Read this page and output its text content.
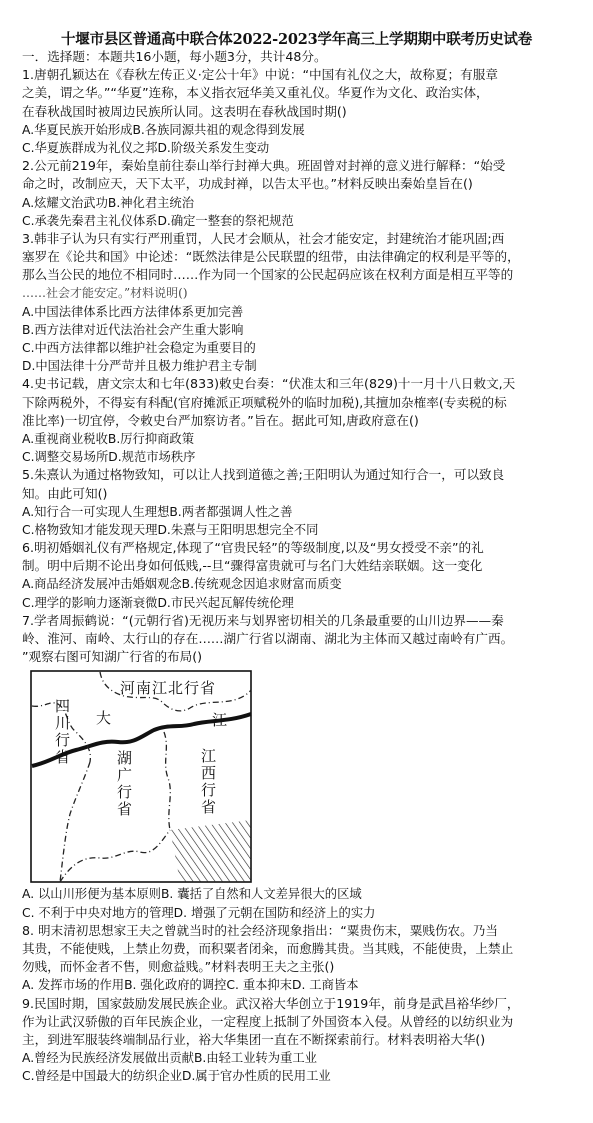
十堰市县区普通高中联合体2022-2023学年高三上学期期中联考历史试卷
一．选择题：本题共16小题，每小题3分，共计48分。
1.唐朝孔颖达在《春秋左传正义·定公十年》中说：“中国有礼仪之大，故称夏；有服章
之美，谓之华。”“华夏”连称，本义指衣冠华美又重礼仪。华夏作为文化、政治实体，
在春秋战国时被周边民族所认同。这表明在春秋战国时期()
A.华夏民族开始形成B.各族同源共祖的观念得到发展
C.华夏族群成为礼仪之邦D.阶级关系发生变动
2.公元前219年，秦始皇前往泰山举行封禅大典。班固曾对封禅的意义进行解释：“始受
命之时，改制应天，天下太平，功成封禅，以告太平也。”材料反映出秦始皇旨在()
A.炫耀文治武功B.神化君主统治
C.承袭先秦君主礼仪体系D.确定一整套的祭祀规范
3.韩非子认为只有实行严刑重罚，人民才会顺从，社会才能安定，封建统治才能巩固;西
塞罗在《论共和国》中论述：“既然法律是公民联盟的纽带，由法律确定的权利是平等的，
那么当公民的地位不相同时……作为同一个国家的公民起码应该在权利方面是相互平等的
……社会才能安定。”材料说明()
A.中国法律体系比西方法律体系更加完善
B.西方法律对近代法治社会产生重大影响
C.中西方法律都以维护社会稳定为重要目的
D.中国法律十分严苛并且极力维护君主专制
4.史书记载，唐文宗太和七年(833)敕史台奏：“伏准太和三年(829)十一月十八日敕文,天
下除两税外，不得妄有科配(官府摊派正项赋税外的临时加税),其擅加杂榷率(专卖税的标
准比率)一切宜停，令敕史台严加察访者。”旨在。据此可知,唐政府意在()
A.重视商业税收B.厉行抑商政策
C.调整交易场所D.规范市场秩序
5.朱熹认为通过格物致知，可以让人找到道德之善;王阳明认为通过知行合一，可以致良
知。由此可知()
A.知行合一可实现人生理想B.两者都强调人性之善
C.格物致知才能发现天理D.朱熹与王阳明思想完全不同
6.明初婚姻礼仪有严格规定,体现了“官贵民轻”的等级制度,以及“男女授受不亲”的礼
制。明中后期不论出身如何低贱,--旦“骤得富贵就可与名门大姓结亲联姻。这一变化
A.商品经济发展冲击婚姻观念B.传统观念因追求财富而质变
C.理学的影响力逐渐衰微D.市民兴起瓦解传统伦理
7.学者周振鹤说：“(元朝行省)无视历来与划界密切相关的几条最重要的山川边界——秦
岭、淮河、南岭、太行山的存在……湖广行省以湖南、湖北为主体而又越过南岭有广西。
”观察右图可知湖广行省的布局()
河南江北行省
四川行省 大	江
江西行省
湖广行省
A. 以山川形便为基本原则B. 囊括了自然和人文差异很大的区域
C. 不利于中央对地方的管理D. 增强了元朝在国防和经济上的实力
8. 明末清初思想家王夫之曾就当时的社会经济现象指出：“粟贵伤末，粟贱伤农。乃当
其贵，不能使贱，上禁止勿费，而积粟者闭籴，而愈腾其贵。当其贱，不能使贵，上禁止
勿贱，而怀金者不售，则愈益贱。”材料表明王夫之主张()
A. 发挥市场的作用B. 强化政府的调控C. 重本抑末D. 工商皆本
9.民国时期，国家鼓励发展民族企业。武汉裕大华创立于1919年，前身是武昌裕华纱厂，
作为让武汉骄傲的百年民族企业，一定程度上抵制了外国资本入侵。从曾经的以纺织业为
主，到进军服装终端制品行业，裕大华集团一直在不断探索前行。材料表明裕大华()
A.曾经为民族经济发展做出贡献B.由轻工业转为重工业
C.曾经是中国最大的纺织企业D.属于官办性质的民用工业
